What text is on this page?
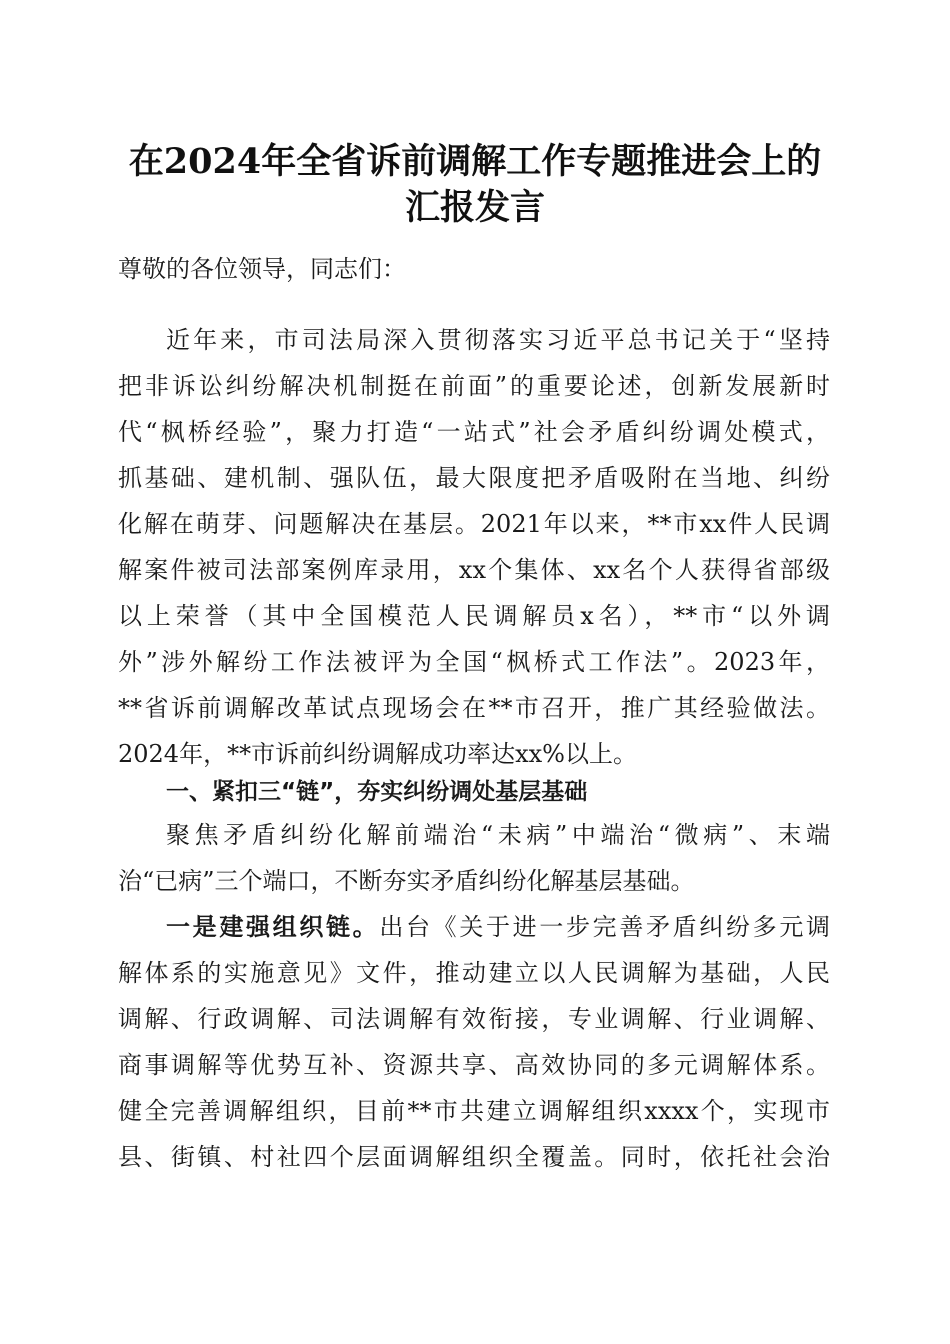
在2024年全省诉前调解工作专题推进会上的
汇报发言
尊敬的各位领导，同志们：
近年来，市司法局深入贯彻落实习近平总书记关于“坚持
把非诉讼纠纷解决机制挺在前面”的重要论述，创新发展新时
代“枫桥经验”，聚力打造“一站式”社会矛盾纠纷调处模式，
抓基础、建机制、强队伍，最大限度把矛盾吸附在当地、纠纷
化解在萌芽、问题解决在基层。2021年以来，**市xx件人民调
解案件被司法部案例库录用，xx个集体、xx名个人获得省部级
以上荣誉（其中全国模范人民调解员x名），**市“以外调
外”涉外解纷工作法被评为全国“枫桥式工作法”。2023年，
**省诉前调解改革试点现场会在**市召开，推广其经验做法。
2024年，**市诉前纠纷调解成功率达xx%以上。
一、紧扣三“链”，夯实纠纷调处基层基础
聚焦矛盾纠纷化解前端治“未病”中端治“微病”、末端
治“已病”三个端口，不断夯实矛盾纠纷化解基层基础。
一是建强组织链。出台《关于进一步完善矛盾纠纷多元调
解体系的实施意见》文件，推动建立以人民调解为基础，人民
调解、行政调解、司法调解有效衔接，专业调解、行业调解、
商事调解等优势互补、资源共享、高效协同的多元调解体系。
健全完善调解组织，目前**市共建立调解组织xxxx个，实现市
县、街镇、村社四个层面调解组织全覆盖。同时，依托社会治
